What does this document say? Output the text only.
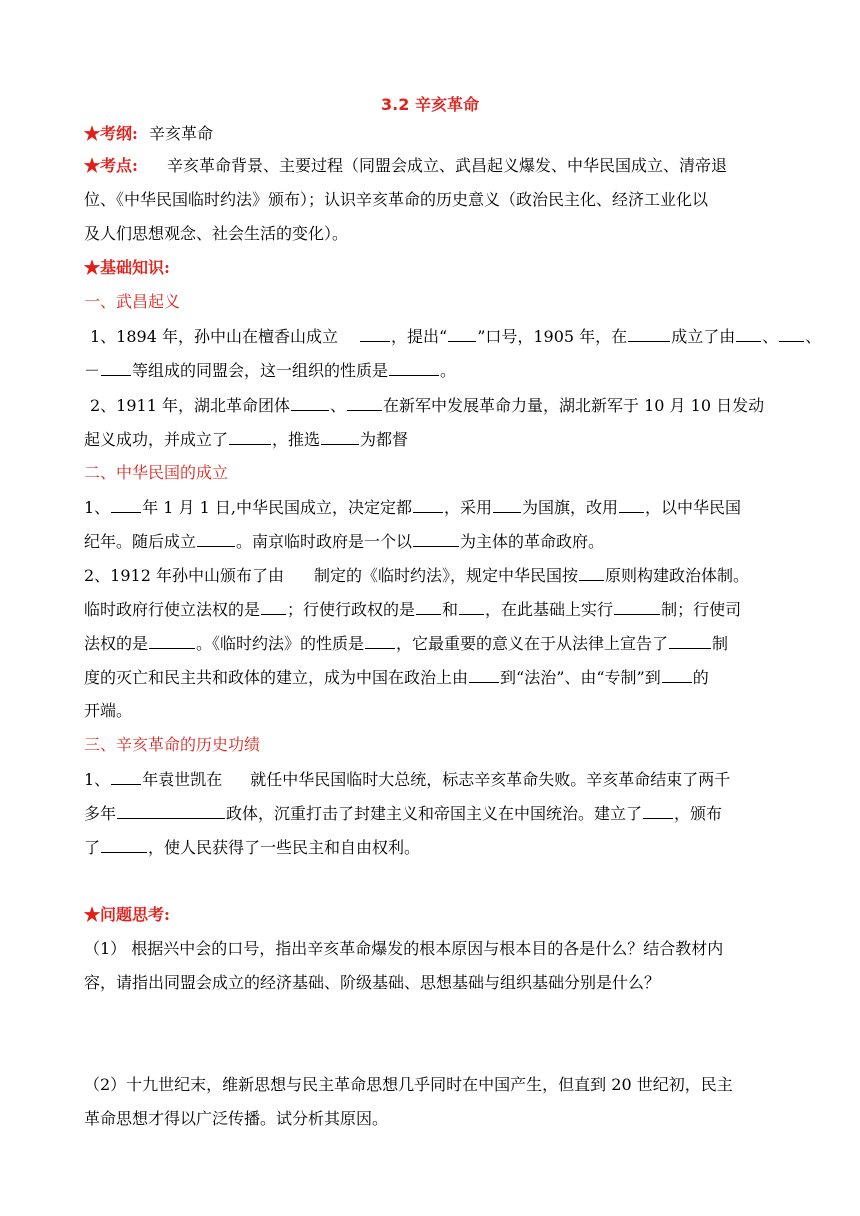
3.2 辛亥革命
★考纲: 辛亥革命
★考点: 辛亥革命背景、主要过程（同盟会成立、武昌起义爆发、中华民国成立、清帝退
位、《中华民国临时约法》颁布）；认识辛亥革命的历史意义（政治民主化、经济工业化以
及人们思想观念、社会生活的变化）。
★基础知识:
一、武昌起义
1、1894 年，孙中山在檀香山成立	，提出“ ”口号，1905 年，在	成立了由 、 、
－ 等组成的同盟会，这一组织的性质是	。
2、1911 年，湖北革命团体	、 在新军中发展革命力量，湖北新军于 10 月 10 日发动
起义成功，并成立了	，推选	为都督
二、中华民国的成立
1、 年 1 月 1 日,中华民国成立，决定定都 ，采用 为国旗，改用 ，以中华民国
纪年。随后成立	。南京临时政府是一个以	为主体的革命政府。
2、1912 年孙中山颁布了由 制定的《临时约法》，规定中华民国按 原则构建政治体制。
临时政府行使立法权的是 ；行使行政权的是 和 ，在此基础上实行	制；行使司
法权的是	。《临时约法》的性质是 ，它最重要的意义在于从法律上宣告了	制
度的灭亡和民主共和政体的建立，成为中国在政治上由 到“法治”、由“专制”到 的
开端。
三、辛亥革命的历史功绩
1、 年袁世凯在 就任中华民国临时大总统，标志辛亥革命失败。辛亥革命结束了两千
多年	政体，沉重打击了封建主义和帝国主义在中国统治。建立了 ，颁布
了	，使人民获得了一些民主和自由权利。
★问题思考:
（1） 根据兴中会的口号，指出辛亥革命爆发的根本原因与根本目的各是什么？结合教材内
容，请指出同盟会成立的经济基础、阶级基础、思想基础与组织基础分别是什么？
（2）十九世纪末，维新思想与民主革命思想几乎同时在中国产生，但直到 20 世纪初，民主
革命思想才得以广泛传播。试分析其原因。
